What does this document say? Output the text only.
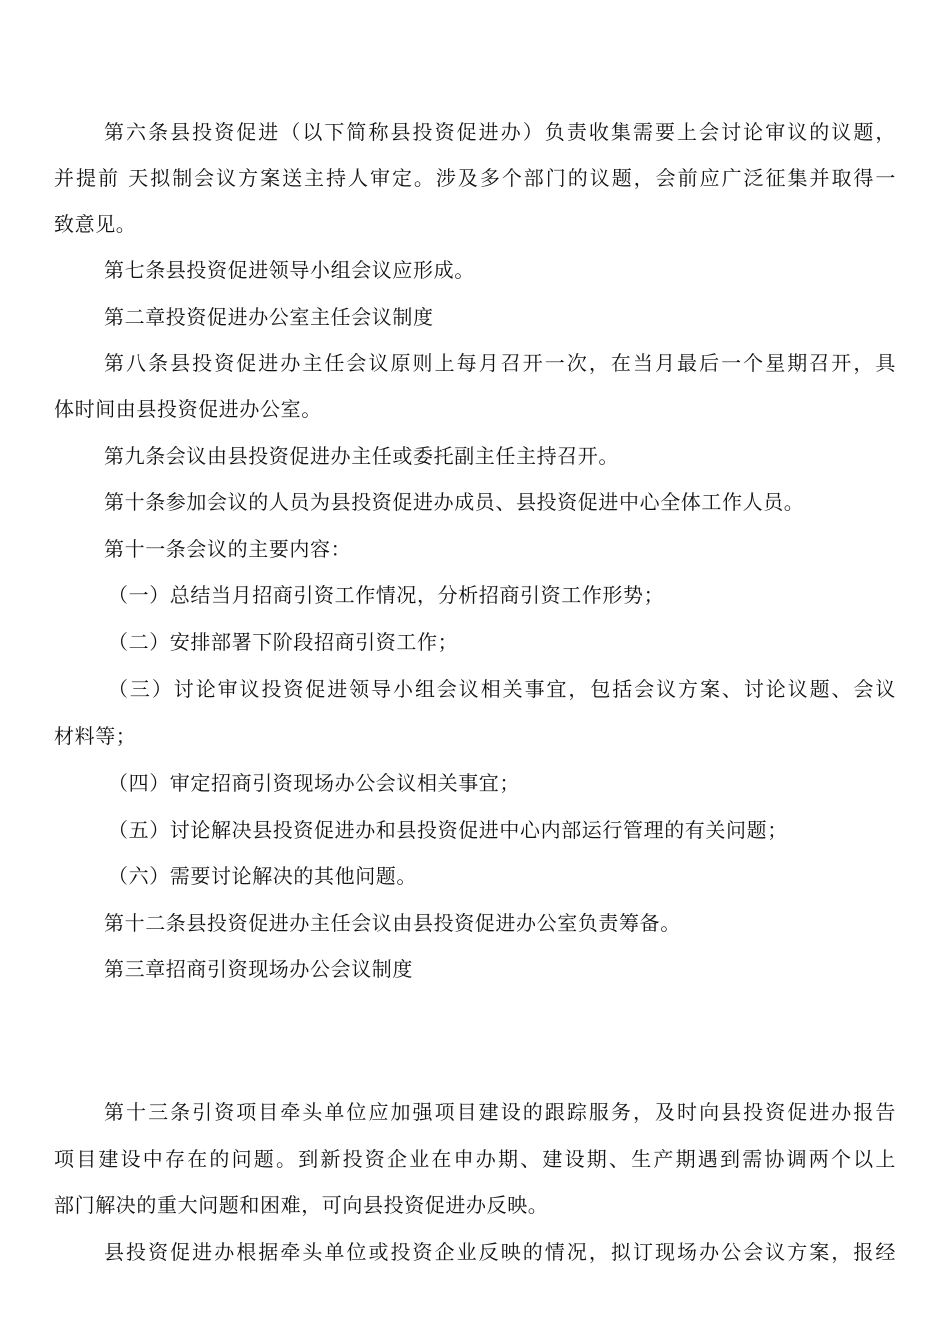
第六条县投资促进（以下简称县投资促进办）负责收集需要上会讨论审议的议题，
并提前 天拟制会议方案送主持人审定。涉及多个部门的议题，会前应广泛征集并取得一
致意见。
第七条县投资促进领导小组会议应形成。
第二章投资促进办公室主任会议制度
第八条县投资促进办主任会议原则上每月召开一次，在当月最后一个星期召开，具
体时间由县投资促进办公室。
第九条会议由县投资促进办主任或委托副主任主持召开。
第十条参加会议的人员为县投资促进办成员、县投资促进中心全体工作人员。
第十一条会议的主要内容：
（一）总结当月招商引资工作情况，分析招商引资工作形势；
（二）安排部署下阶段招商引资工作；
（三）讨论审议投资促进领导小组会议相关事宜，包括会议方案、讨论议题、会议
材料等；
（四）审定招商引资现场办公会议相关事宜；
（五）讨论解决县投资促进办和县投资促进中心内部运行管理的有关问题；
（六）需要讨论解决的其他问题。
第十二条县投资促进办主任会议由县投资促进办公室负责筹备。
第三章招商引资现场办公会议制度
第十三条引资项目牵头单位应加强项目建设的跟踪服务，及时向县投资促进办报告
项目建设中存在的问题。到新投资企业在申办期、建设期、生产期遇到需协调两个以上
部门解决的重大问题和困难，可向县投资促进办反映。
县投资促进办根据牵头单位或投资企业反映的情况，拟订现场办公会议方案，报经
